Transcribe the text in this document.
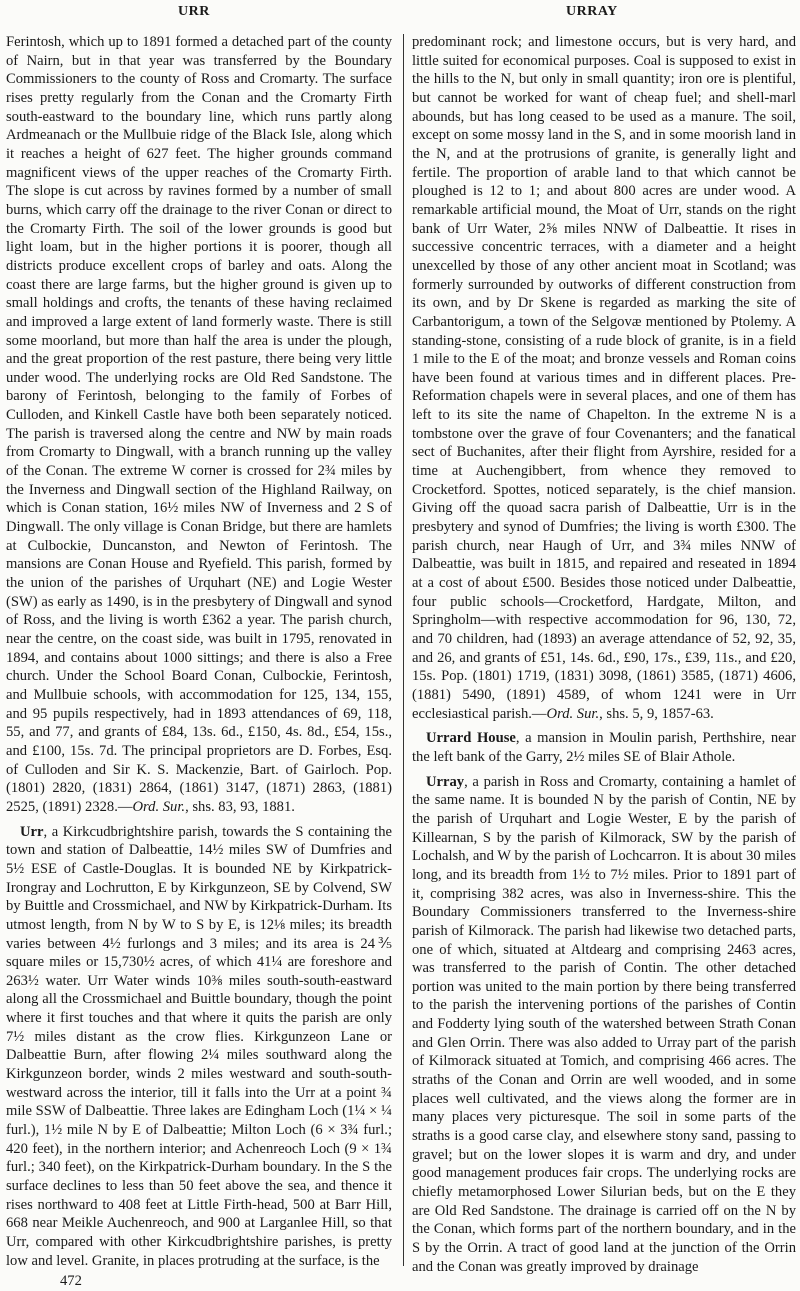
URR	URRAY

Ferintosh, which up to 1891 formed a detached part of the county of Nairn, but in that year was transferred by the Boundary Commissioners to the county of Ross and Cromarty. The surface rises pretty regularly from the Conan and the Cromarty Firth south-eastward to the boundary line, which runs partly along Ardmeanach or the Mullbuie ridge of the Black Isle, along which it reaches a height of 627 feet. The higher grounds command magnificent views of the upper reaches of the Cromarty Firth. The slope is cut across by ravines formed by a number of small burns, which carry off the drainage to the river Conan or direct to the Cromarty Firth. The soil of the lower grounds is good but light loam, but in the higher portions it is poorer, though all districts produce excellent crops of barley and oats. Along the coast there are large farms, but the higher ground is given up to small holdings and crofts, the tenants of these having reclaimed and improved a large extent of land formerly waste. There is still some moorland, but more than half the area is under the plough, and the great proportion of the rest pasture, there being very little under wood. The underlying rocks are Old Red Sandstone. The barony of Ferintosh, belonging to the family of Forbes of Culloden, and Kinkell Castle have both been separately noticed. The parish is traversed along the centre and NW by main roads from Cromarty to Dingwall, with a branch running up the valley of the Conan. The extreme W corner is crossed for 2¾ miles by the Inverness and Dingwall section of the Highland Railway, on which is Conan station, 16½ miles NW of Inverness and 2 S of Dingwall. The only village is Conan Bridge, but there are hamlets at Culbockie, Duncanston, and Newton of Ferintosh. The mansions are Conan House and Ryefield. This parish, formed by the union of the parishes of Urquhart (NE) and Logie Wester (SW) as early as 1490, is in the presbytery of Dingwall and synod of Ross, and the living is worth £362 a year. The parish church, near the centre, on the coast side, was built in 1795, renovated in 1894, and contains about 1000 sittings; and there is also a Free church. Under the School Board Conan, Culbockie, Ferintosh, and Mullbuie schools, with accommodation for 125, 134, 155, and 95 pupils respectively, had in 1893 attendances of 69, 118, 55, and 77, and grants of £84, 13s. 6d., £150, 4s. 8d., £54, 15s., and £100, 15s. 7d. The principal proprietors are D. Forbes, Esq. of Culloden and Sir K. S. Mackenzie, Bart. of Gairloch. Pop. (1801) 2820, (1831) 2864, (1861) 3147, (1871) 2863, (1881) 2525, (1891) 2328.—Ord. Sur., shs. 83, 93, 1881.

Urr, a Kirkcudbrightshire parish, towards the S containing the town and station of Dalbeattie, 14½ miles SW of Dumfries and 5½ ESE of Castle-Douglas. It is bounded NE by Kirkpatrick-Irongray and Lochrutton, E by Kirkgunzeon, SE by Colvend, SW by Buittle and Crossmichael, and NW by Kirkpatrick-Durham. Its utmost length, from N by W to S by E, is 12⅛ miles; its breadth varies between 4½ furlongs and 3 miles; and its area is 24⅗ square miles or 15,730½ acres, of which 41¼ are foreshore and 263½ water. Urr Water winds 10⅜ miles south-south-eastward along all the Crossmichael and Buittle boundary, though the point where it first touches and that where it quits the parish are only 7½ miles distant as the crow flies. Kirkgunzeon Lane or Dalbeattie Burn, after flowing 2¼ miles southward along the Kirkgunzeon border, winds 2 miles westward and south-south-westward across the interior, till it falls into the Urr at a point ¾ mile SSW of Dalbeattie. Three lakes are Edingham Loch (1¼ × ¼ furl.), 1½ mile N by E of Dalbeattie; Milton Loch (6 × 3¾ furl.; 420 feet), in the northern interior; and Achenreoch Loch (9 × 1¾ furl.; 340 feet), on the Kirkpatrick-Durham boundary. In the S the surface declines to less than 50 feet above the sea, and thence it rises northward to 408 feet at Little Firth-head, 500 at Barr Hill, 668 near Meikle Auchenreoch, and 900 at Larganlee Hill, so that Urr, compared with other Kirkcudbrightshire parishes, is pretty low and level. Granite, in places protruding at the surface, is the

472

predominant rock; and limestone occurs, but is very hard, and little suited for economical purposes. Coal is supposed to exist in the hills to the N, but only in small quantity; iron ore is plentiful, but cannot be worked for want of cheap fuel; and shell-marl abounds, but has long ceased to be used as a manure. The soil, except on some mossy land in the S, and in some moorish land in the N, and at the protrusions of granite, is generally light and fertile. The proportion of arable land to that which cannot be ploughed is 12 to 1; and about 800 acres are under wood. A remarkable artificial mound, the Moat of Urr, stands on the right bank of Urr Water, 2⅝ miles NNW of Dalbeattie. It rises in successive concentric terraces, with a diameter and a height unexcelled by those of any other ancient moat in Scotland; was formerly surrounded by outworks of different construction from its own, and by Dr Skene is regarded as marking the site of Carbantorigum, a town of the Selgovæ mentioned by Ptolemy. A standing-stone, consisting of a rude block of granite, is in a field 1 mile to the E of the moat; and bronze vessels and Roman coins have been found at various times and in different places. Pre-Reformation chapels were in several places, and one of them has left to its site the name of Chapelton. In the extreme N is a tombstone over the grave of four Covenanters; and the fanatical sect of Buchanites, after their flight from Ayrshire, resided for a time at Auchengibbert, from whence they removed to Crocketford. Spottes, noticed separately, is the chief mansion. Giving off the quoad sacra parish of Dalbeattie, Urr is in the presbytery and synod of Dumfries; the living is worth £300. The parish church, near Haugh of Urr, and 3¾ miles NNW of Dalbeattie, was built in 1815, and repaired and reseated in 1894 at a cost of about £500. Besides those noticed under Dalbeattie, four public schools—Crocketford, Hardgate, Milton, and Springholm—with respective accommodation for 96, 130, 72, and 70 children, had (1893) an average attendance of 52, 92, 35, and 26, and grants of £51, 14s. 6d., £90, 17s., £39, 11s., and £20, 15s. Pop. (1801) 1719, (1831) 3098, (1861) 3585, (1871) 4606, (1881) 5490, (1891) 4589, of whom 1241 were in Urr ecclesiastical parish.—Ord. Sur., shs. 5, 9, 1857-63.

Urrard House, a mansion in Moulin parish, Perthshire, near the left bank of the Garry, 2½ miles SE of Blair Athole.

Urray, a parish in Ross and Cromarty, containing a hamlet of the same name. It is bounded N by the parish of Contin, NE by the parish of Urquhart and Logie Wester, E by the parish of Killearnan, S by the parish of Kilmorack, SW by the parish of Lochalsh, and W by the parish of Lochcarron. It is about 30 miles long, and its breadth from 1½ to 7½ miles. Prior to 1891 part of it, comprising 382 acres, was also in Inverness-shire. This the Boundary Commissioners transferred to the Inverness-shire parish of Kilmorack. The parish had likewise two detached parts, one of which, situated at Altdearg and comprising 2463 acres, was transferred to the parish of Contin. The other detached portion was united to the main portion by there being transferred to the parish the intervening portions of the parishes of Contin and Fodderty lying south of the watershed between Strath Conan and Glen Orrin. There was also added to Urray part of the parish of Kilmorack situated at Tomich, and comprising 466 acres. The straths of the Conan and Orrin are well wooded, and in some places well cultivated, and the views along the former are in many places very picturesque. The soil in some parts of the straths is a good carse clay, and elsewhere stony sand, passing to gravel; but on the lower slopes it is warm and dry, and under good management produces fair crops. The underlying rocks are chiefly metamorphosed Lower Silurian beds, but on the E they are Old Red Sandstone. The drainage is carried off on the N by the Conan, which forms part of the northern boundary, and in the S by the Orrin. A tract of good land at the junction of the Orrin and the Conan was greatly improved by drainage
